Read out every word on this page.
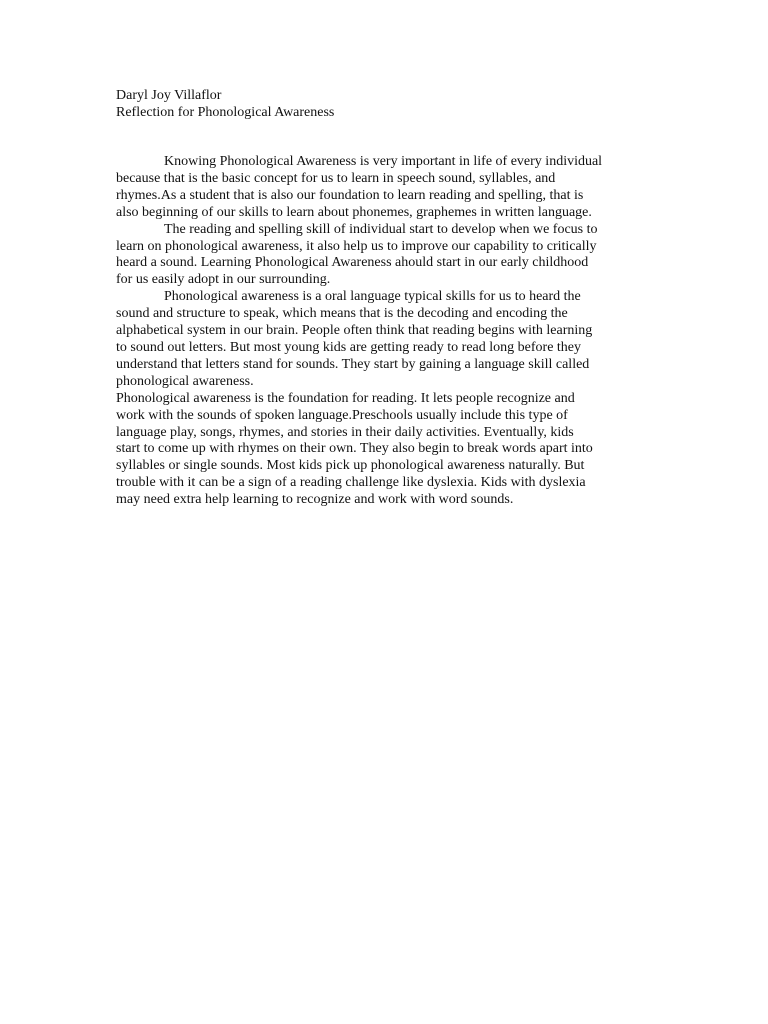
Daryl Joy Villaflor
Reflection for Phonological Awareness
Knowing Phonological Awareness is very important in life of every individual
because that is the basic concept for us to learn in speech sound, syllables, and
rhymes.As a student that is also our foundation to learn reading and spelling, that is
also beginning of our skills to learn about phonemes, graphemes in written language.
The reading and spelling skill of individual start to develop when we focus to
learn on phonological awareness, it also help us to improve our capability to critically
heard a sound. Learning Phonological Awareness ahould start in our early childhood
for us easily adopt in our surrounding.
Phonological awareness is a oral language typical skills for us to heard the
sound and structure to speak, which means that is the decoding and encoding the
alphabetical system in our brain. People often think that reading begins with learning
to sound out letters. But most young kids are getting ready to read long before they
understand that letters stand for sounds. They start by gaining a language skill called
phonological awareness.
Phonological awareness is the foundation for reading. It lets people recognize and
work with the sounds of spoken language.Preschools usually include this type of
language play, songs, rhymes, and stories in their daily activities. Eventually, kids
start to come up with rhymes on their own. They also begin to break words apart into
syllables or single sounds. Most kids pick up phonological awareness naturally. But
trouble with it can be a sign of a reading challenge like dyslexia. Kids with dyslexia
may need extra help learning to recognize and work with word sounds.
